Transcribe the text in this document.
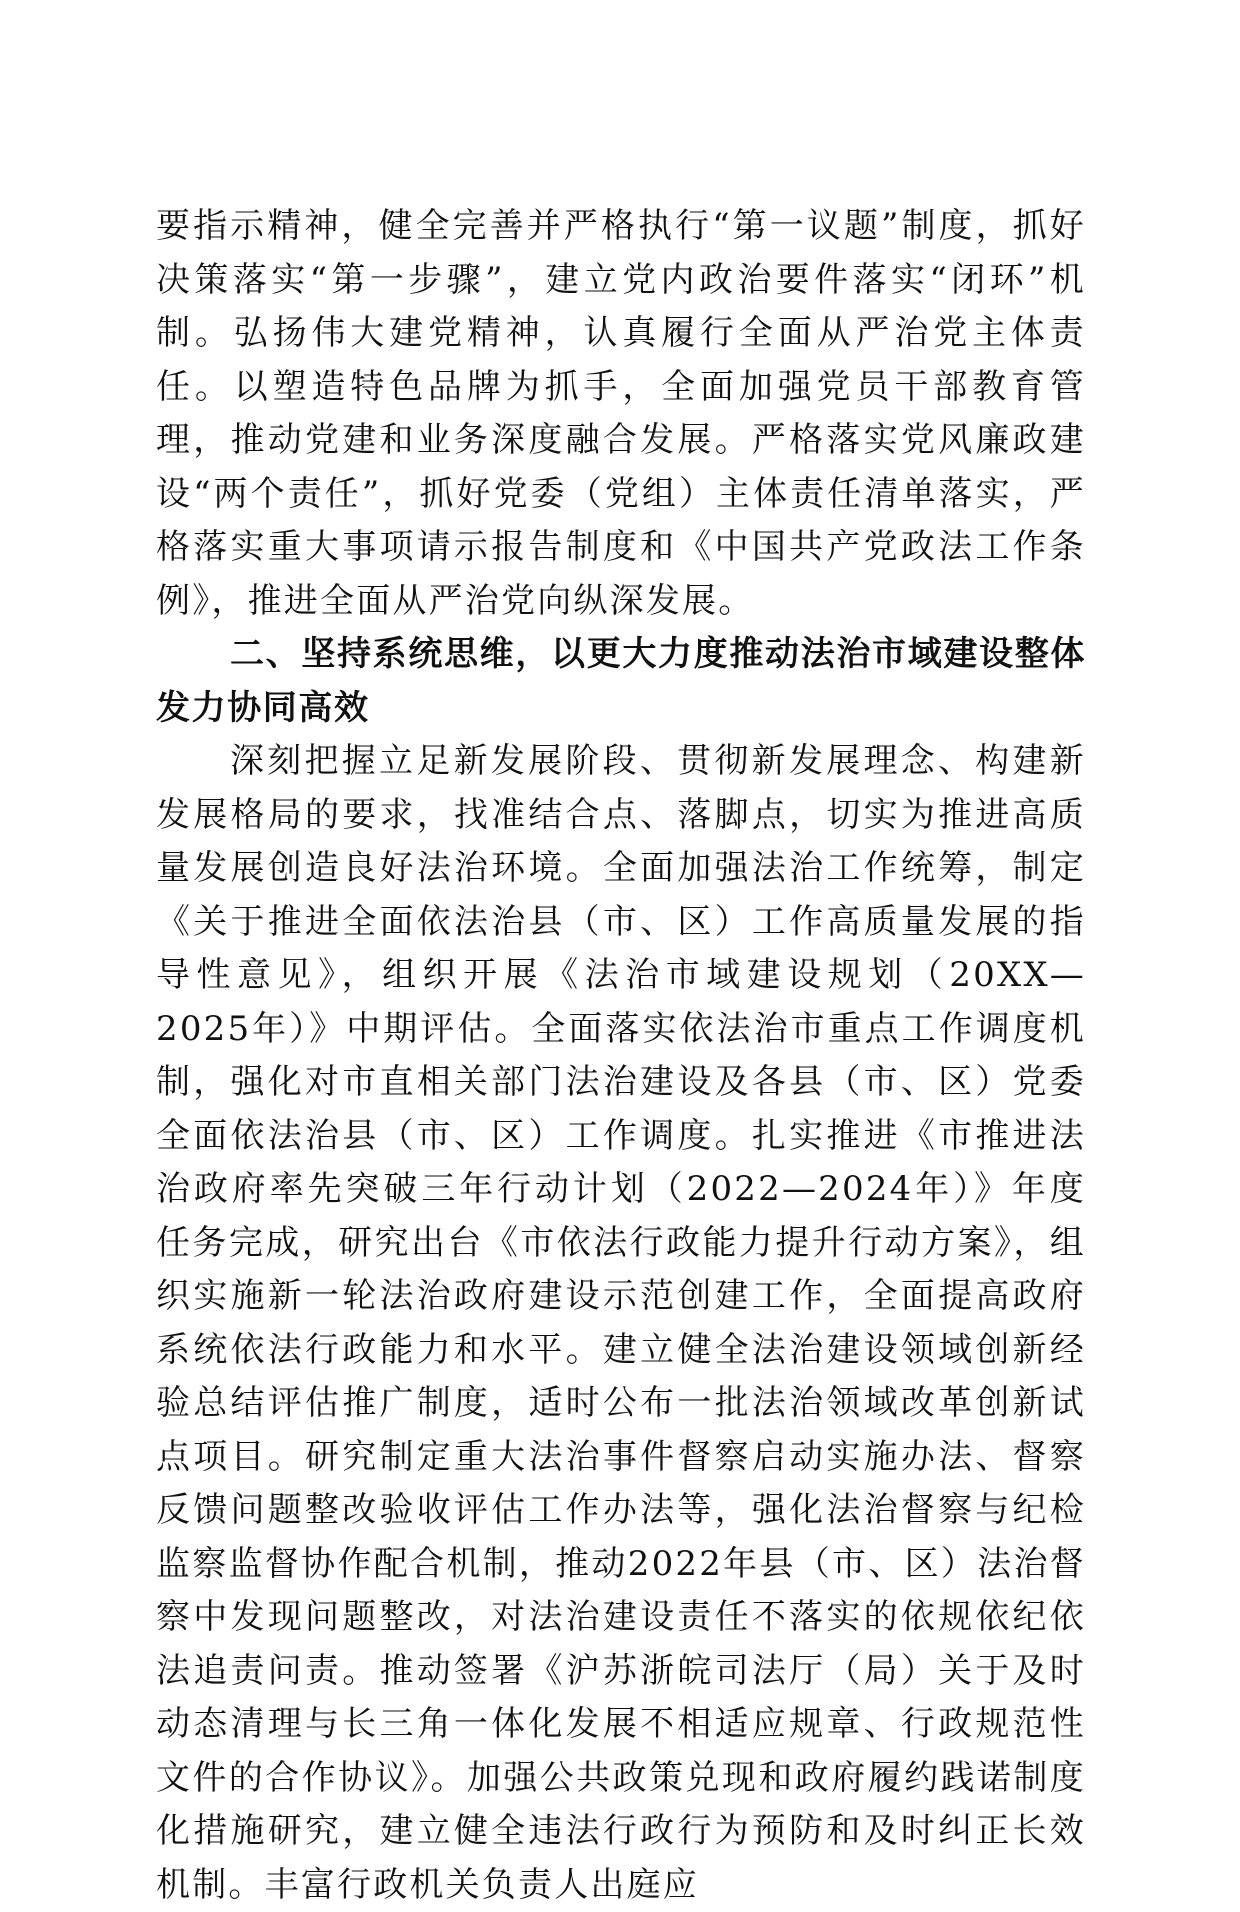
要指示精神，健全完善并严格执行“第一议题”制度，抓好决策落实“第一步骤”，建立党内政治要件落实“闭环”机制。弘扬伟大建党精神，认真履行全面从严治党主体责任。以塑造特色品牌为抓手，全面加强党员干部教育管理，推动党建和业务深度融合发展。严格落实党风廉政建设“两个责任”，抓好党委（党组）主体责任清单落实，严格落实重大事项请示报告制度和《中国共产党政法工作条例》，推进全面从严治党向纵深发展。

二、坚持系统思维，以更大力度推动法治市域建设整体发力协同高效

深刻把握立足新发展阶段、贯彻新发展理念、构建新发展格局的要求，找准结合点、落脚点，切实为推进高质量发展创造良好法治环境。全面加强法治工作统筹，制定《关于推进全面依法治县（市、区）工作高质量发展的指导性意见》，组织开展《法治市域建设规划（20XX—2025年）》中期评估。全面落实依法治市重点工作调度机制，强化对市直相关部门法治建设及各县（市、区）党委全面依法治县（市、区）工作调度。扎实推进《市推进法治政府率先突破三年行动计划（2022—2024年）》年度任务完成，研究出台《市依法行政能力提升行动方案》，组织实施新一轮法治政府建设示范创建工作，全面提高政府系统依法行政能力和水平。建立健全法治建设领域创新经验总结评估推广制度，适时公布一批法治领域改革创新试点项目。研究制定重大法治事件督察启动实施办法、督察反馈问题整改验收评估工作办法等，强化法治督察与纪检监察监督协作配合机制，推动2022年县（市、区）法治督察中发现问题整改，对法治建设责任不落实的依规依纪依法追责问责。推动签署《沪苏浙皖司法厅（局）关于及时动态清理与长三角一体化发展不相适应规章、行政规范性文件的合作协议》。加强公共政策兑现和政府履约践诺制度化措施研究，建立健全违法行政行为预防和及时纠正长效机制。丰富行政机关负责人出庭应
